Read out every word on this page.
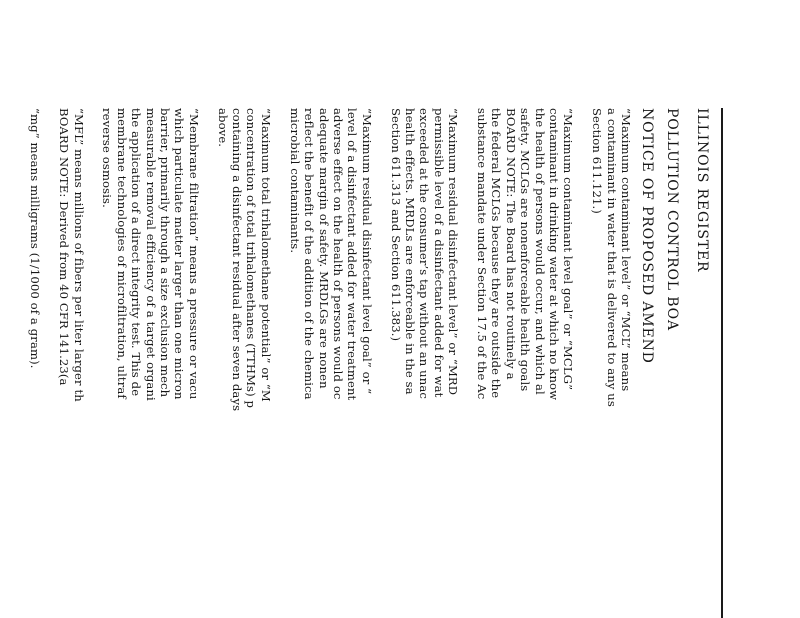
ILLINOIS REGISTER
POLLUTION CONTROL BOA
NOTICE OF PROPOSED AMEND

“Maximum contaminant level” or “MCL” means
a contaminant in water that is delivered to any us
Section 611.121.)

“Maximum contaminant level goal” or “MCLG”
contaminant in drinking water at which no know
the health of persons would occur, and which al
safety. MCLGs are nonenforceable health goals
BOARD NOTE: The Board has not routinely a
the federal MCLGs because they are outside the
substance mandate under Section 17.5 of the Ac

“Maximum residual disinfectant level” or “MRD
permissible level of a disinfectant added for wat
exceeded at the consumer’s tap without an unac
health effects. MRDLs are enforceable in the sa
Section 611.313 and Section 611.383.)

“Maximum residual disinfectant level goal” or “
level of a disinfectant added for water treatment
adverse effect on the health of persons would oc
adequate margin of safety. MRDLGs are nonen
reflect the benefit of the addition of the chemica
microbial contaminants.

“Maximum total trihalomethane potential” or “M
concentration of total trihalomethanes (TTHMs) p
containing a disinfectant residual after seven days
above.

“Membrane filtration” means a pressure or vacu
which particulate matter larger than one micron
barrier, primarily through a size exclusion mech
measurable removal efficiency of a target organi
the application of a direct integrity test. This de
membrane technologies of microfiltration, ultraf
reverse osmosis.

“MFL” means millions of fibers per liter larger th
BOARD NOTE: Derived from 40 CFR 141.23(a

“mg” means milligrams (1/1000 of a gram).
